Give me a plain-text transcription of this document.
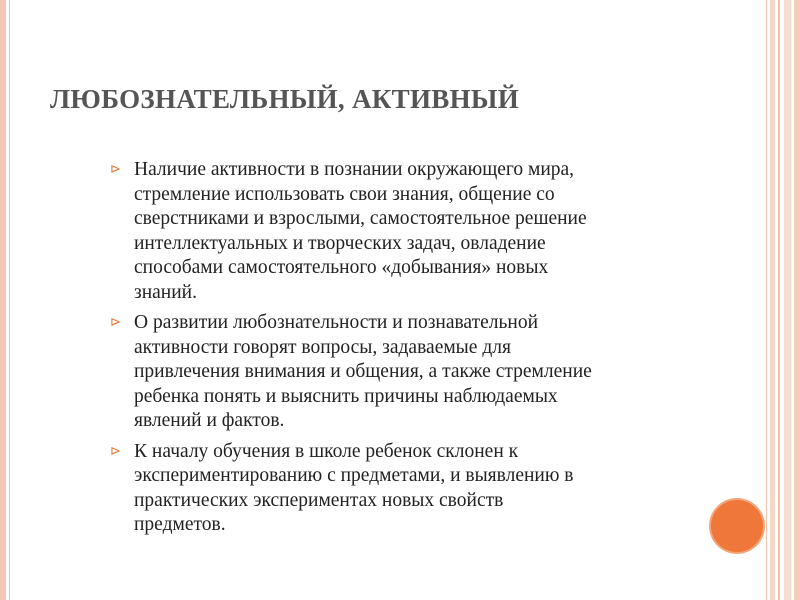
ЛЮБОЗНАТЕЛЬНЫЙ, АКТИВНЫЙ
⊳ Наличие активности в познании окружающего мира,
стремление использовать свои знания, общение со
сверстниками и взрослыми, самостоятельное решение
интеллектуальных и творческих задач, овладение
способами самостоятельного «добывания» новых
знаний.
⊳ О развитии любознательности и познавательной
активности говорят вопросы, задаваемые для
привлечения внимания и общения, а также стремление
ребенка понять и выяснить причины наблюдаемых
явлений и фактов.
⊳ К началу обучения в школе ребенок склонен к
экспериментированию с предметами, и выявлению в
практических экспериментах новых свойств
предметов.
